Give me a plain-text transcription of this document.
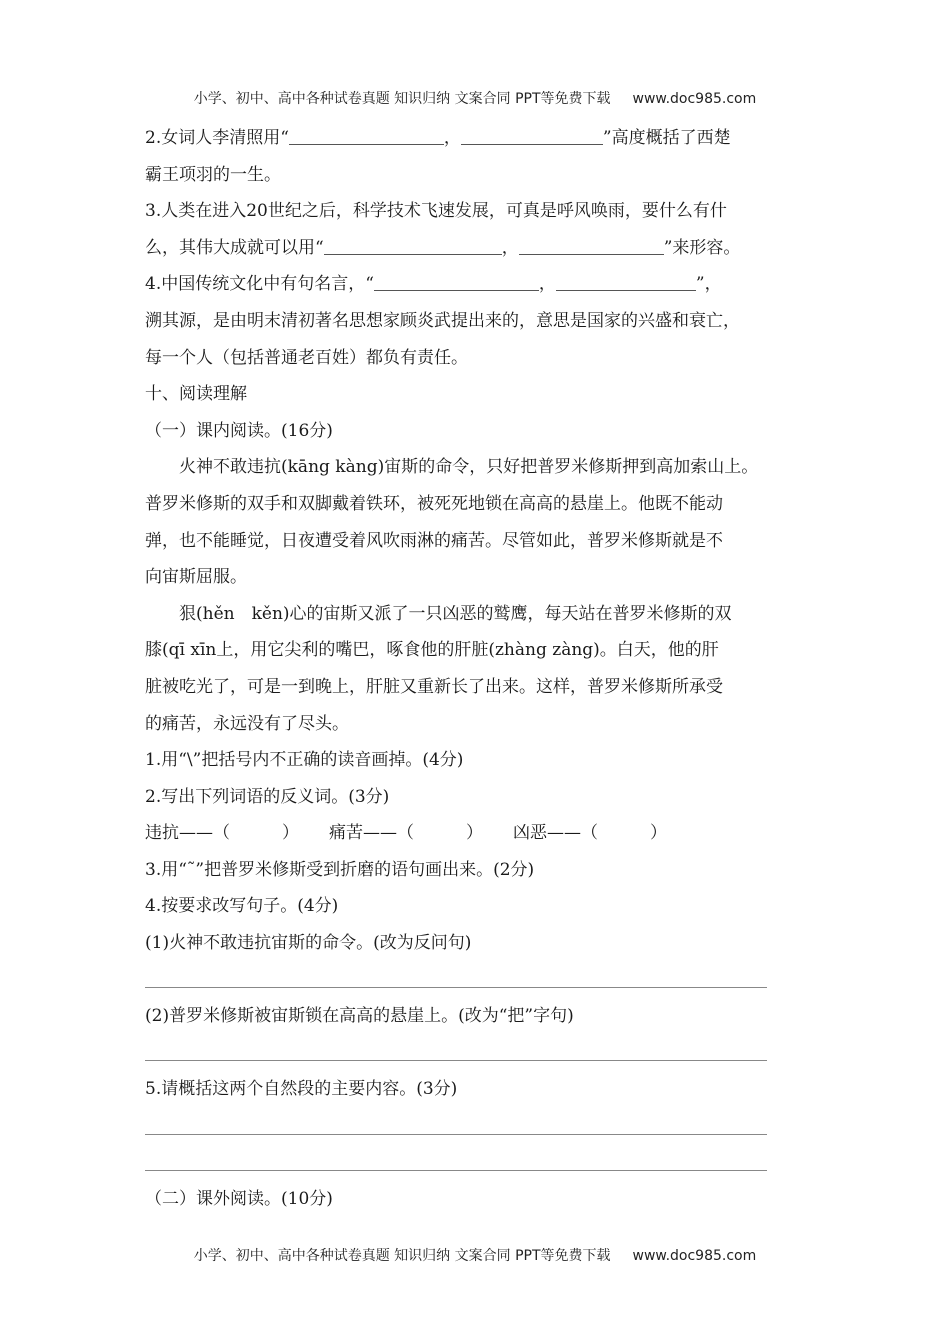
小学、初中、高中各种试卷真题 知识归纳 文案合同 PPT等免费下载 www.doc985.com
2.女词人李清照用“	，	”高度概括了西楚
霸王项羽的一生。
3.人类在进入20世纪之后，科学技术飞速发展，可真是呼风唤雨，要什么有什
么，其伟大成就可以用“	，	”来形容。
4.中国传统文化中有句名言，“	，	”，
溯其源，是由明末清初著名思想家顾炎武提出来的，意思是国家的兴盛和衰亡，
每一个人（包括普通老百姓）都负有责任。
十、阅读理解
（一）课内阅读。(16分)
火神不敢违抗(kāng kàng)宙斯的命令，只好把普罗米修斯押到高加索山上。
普罗米修斯的双手和双脚戴着铁环，被死死地锁在高高的悬崖上。他既不能动
弹，也不能睡觉，日夜遭受着风吹雨淋的痛苦。尽管如此，普罗米修斯就是不
向宙斯屈服。
狠(hěn　kěn)心的宙斯又派了一只凶恶的鹫鹰，每天站在普罗米修斯的双
膝(qī xīn上，用它尖利的嘴巴，啄食他的肝脏(zhàng zàng)。白天，他的肝
脏被吃光了，可是一到晚上，肝脏又重新长了出来。这样，普罗米修斯所承受
的痛苦，永远没有了尽头。
1.用“\”把括号内不正确的读音画掉。(4分)
2.写出下列词语的反义词。(3分)
违抗——（	） 痛苦——（	） 凶恶——（	）
3.用“˜”把普罗米修斯受到折磨的语句画出来。(2分)
4.按要求改写句子。(4分)
(1)火神不敢违抗宙斯的命令。(改为反问句)
(2)普罗米修斯被宙斯锁在高高的悬崖上。(改为“把”字句)
5.请概括这两个自然段的主要内容。(3分)
（二）课外阅读。(10分)
小学、初中、高中各种试卷真题 知识归纳 文案合同 PPT等免费下载 www.doc985.com
